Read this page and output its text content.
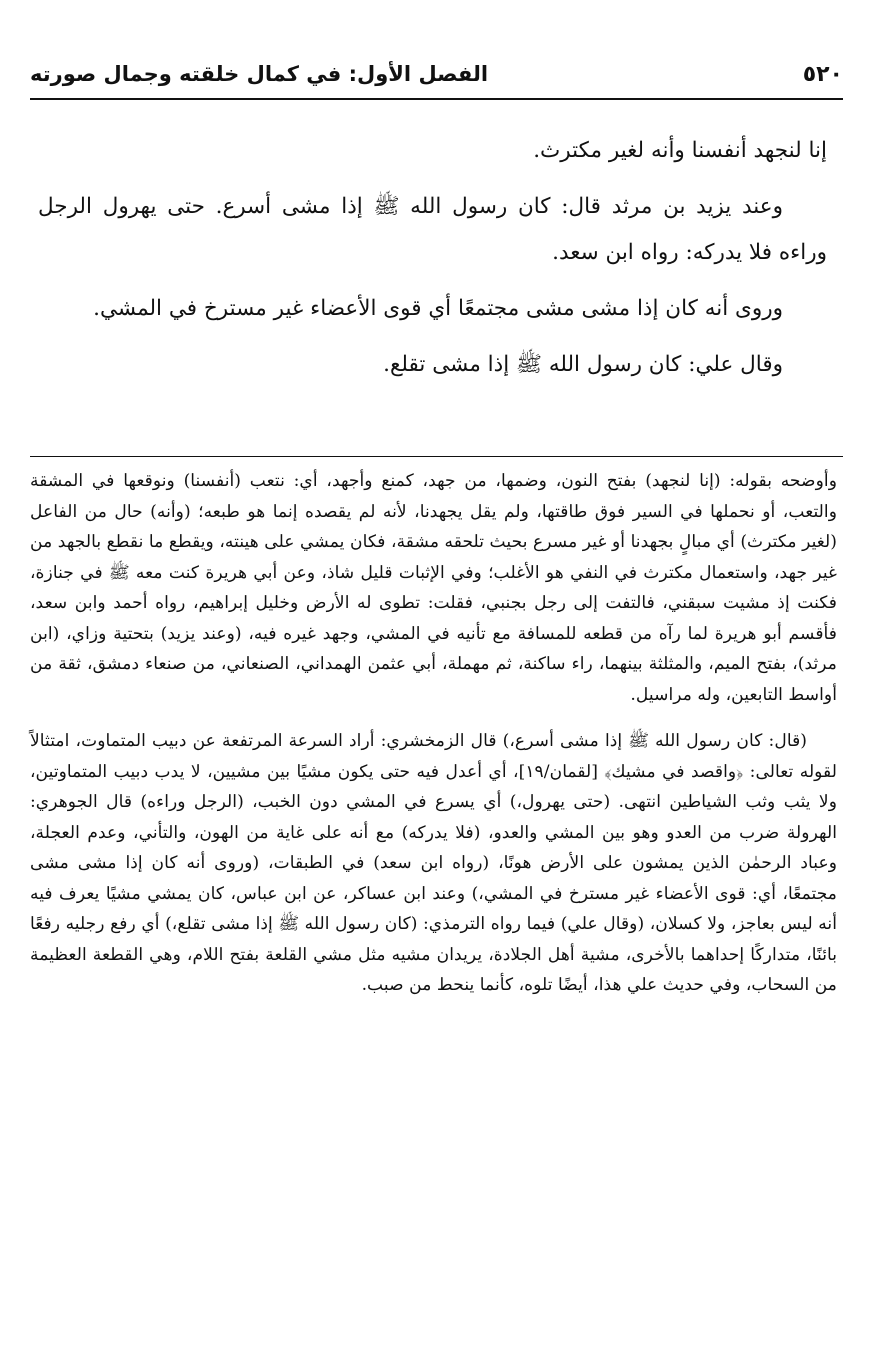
٥٢٠
الفصل الأول: في كمال خلقته وجمال صورته

إنا لنجهد أنفسنا وأنه لغير مكترث.

وعند يزيد بن مرثد قال: كان رسول الله ﷺ إذا مشى أسرع. حتى يهرول الرجل وراءه فلا يدركه: رواه ابن سعد.

وروى أنه كان إذا مشى مشى مجتمعًا أي قوى الأعضاء غير مسترخ في المشي.

وقال علي: كان رسول الله ﷺ إذا مشى تقلع.

وأوضحه بقوله: (إنا لنجهد) بفتح النون، وضمها، من جهد، كمنع وأجهد، أي: نتعب (أنفسنا) ونوقعها في المشقة والتعب، أو نحملها في السير فوق طاقتها، ولم يقل يجهدنا، لأنه لم يقصده إنما هو طبعه؛ (وأنه) حال من الفاعل (لغير مكترث) أي مبالٍ بجهدنا أو غير مسرع بحيث تلحقه مشقة، فكان يمشي على هينته، ويقطع ما نقطع بالجهد من غير جهد، واستعمال مكترث في النفي هو الأغلب؛ وفي الإثبات قليل شاذ، وعن أبي هريرة كنت معه ﷺ في جنازة، فكنت إذ مشيت سبقني، فالتفت إلى رجل بجنبي، فقلت: تطوى له الأرض وخليل إبراهيم، رواه أحمد وابن سعد، فأقسم أبو هريرة لما رآه من قطعه للمسافة مع تأنيه في المشي، وجهد غيره فيه، (وعند يزيد) بتحتية وزاي، (ابن مرثد)، بفتح الميم، والمثلثة بينهما، راء ساكنة، ثم مهملة، أبي عثمن الهمداني، الصنعاني، من صنعاء دمشق، ثقة من أواسط التابعين، وله مراسيل.

(قال: كان رسول الله ﷺ إذا مشى أسرع،) قال الزمخشري: أراد السرعة المرتفعة عن دبيب المتماوت، امتثالاً لقوله تعالى: ﴿واقصد في مشيك﴾ [لقمان/١٩]، أي أعدل فيه حتى يكون مشيًا بين مشيين، لا يدب دبيب المتماوتين، ولا يثب وثب الشياطين انتهى. (حتى يهرول،) أي يسرع في المشي دون الخبب، (الرجل وراءه) قال الجوهري: الهرولة ضرب من العدو وهو بين المشي والعدو، (فلا يدركه) مع أنه على غاية من الهون، والتأني، وعدم العجلة، وعباد الرحمٰن الذين يمشون على الأرض هونًا، (رواه ابن سعد) في الطبقات، (وروى أنه كان إذا مشى مشى مجتمعًا، أي: قوى الأعضاء غير مسترخ في المشي،) وعند ابن عساكر، عن ابن عباس، كان يمشي مشيًا يعرف فيه أنه ليس بعاجز، ولا كسلان، (وقال علي) فيما رواه الترمذي: (كان رسول الله ﷺ إذا مشى تقلع،) أي رفع رجليه رفعًا بائنًا، متداركًا إحداهما بالأخرى، مشية أهل الجلادة، يريدان مشيه مثل مشي القلعة بفتح اللام، وهي القطعة العظيمة من السحاب، وفي حديث علي هذا، أيضًا تلوه، كأنما ينحط من صبب.
